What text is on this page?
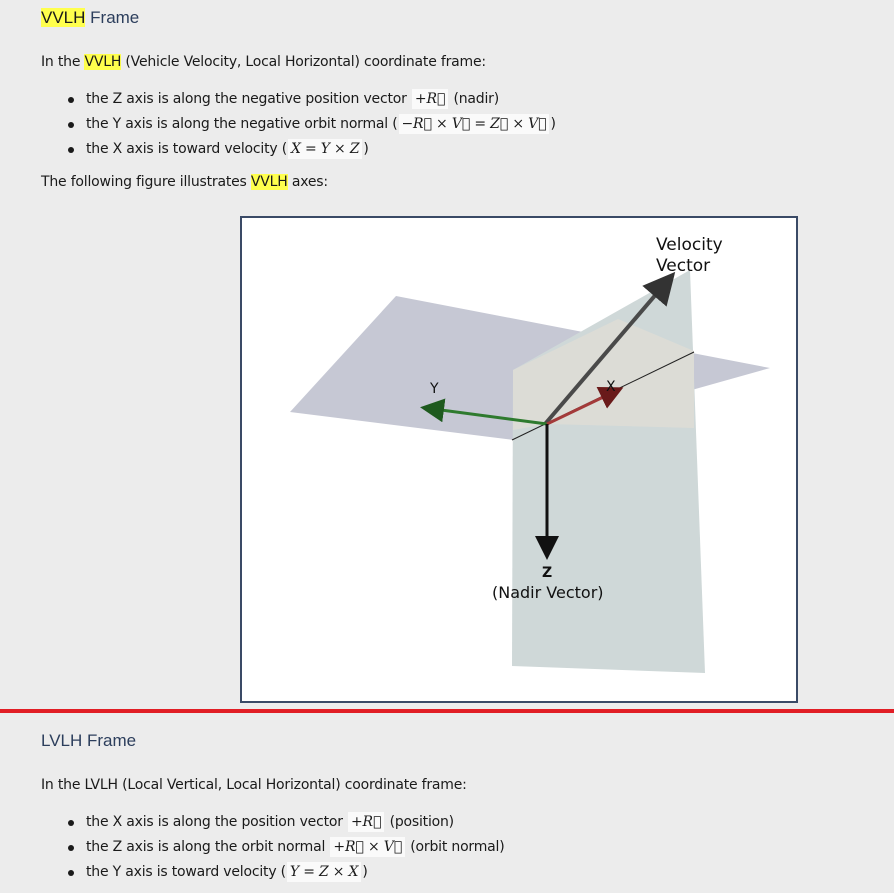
VVLH Frame
In the VVLH (Vehicle Velocity, Local Horizontal) coordinate frame:
the Z axis is along the negative position vector +R⃗ (nadir)
the Y axis is along the negative orbit normal ( −R⃗ × V⃗ = Z⃗ × V⃗ )
the X axis is toward velocity ( X = Y × Z )
The following figure illustrates VVLH axes:
Velocity
Vector
Y	X
Z
(Nadir Vector)
LVLH Frame
In the LVLH (Local Vertical, Local Horizontal) coordinate frame:
the X axis is along the position vector +R⃗ (position)
the Z axis is along the orbit normal +R⃗ × V⃗ (orbit normal)
the Y axis is toward velocity ( Y = Z × X )
